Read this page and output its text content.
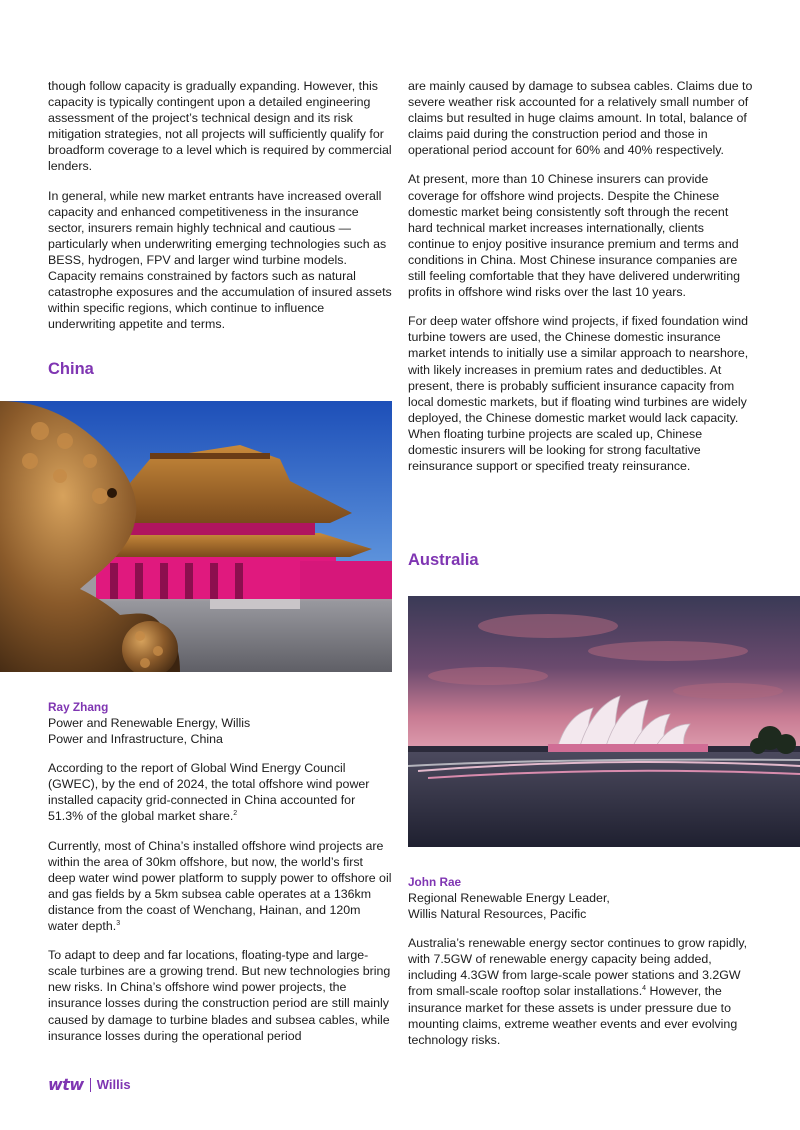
though follow capacity is gradually expanding. However, this capacity is typically contingent upon a detailed engineering assessment of the project’s technical design and its risk mitigation strategies, not all projects will sufficiently qualify for broadform coverage to a level which is required by commercial lenders.

In general, while new market entrants have increased overall capacity and enhanced competitiveness in the insurance sector, insurers remain highly technical and cautious — particularly when underwriting emerging technologies such as BESS, hydrogen, FPV and larger wind turbine models. Capacity remains constrained by factors such as natural catastrophe exposures and the accumulation of insured assets within specific regions, which continue to influence underwriting appetite and terms.

China
Ray Zhang
Power and Renewable Energy, Willis
Power and Infrastructure, China

According to the report of Global Wind Energy Council (GWEC), by the end of 2024, the total offshore wind power installed capacity grid-connected in China accounted for 51.3% of the global market share.$^2$

Currently, most of China’s installed offshore wind projects are within the area of 30km offshore, but now, the world’s first deep water wind power platform to supply power to offshore oil and gas fields by a 5km subsea cable operates at a 136km distance from the coast of Wenchang, Hainan, and 120m water depth.$^3$

To adapt to deep and far locations, floating-type and large-scale turbines are a growing trend. But new technologies bring new risks. In China’s offshore wind power projects, the insurance losses during the construction period are still mainly caused by damage to turbine blades and subsea cables, while insurance losses during the operational period

are mainly caused by damage to subsea cables. Claims due to severe weather risk accounted for a relatively small number of claims but resulted in huge claims amount. In total, balance of claims paid during the construction period and those in operational period account for 60% and 40% respectively.

At present, more than 10 Chinese insurers can provide coverage for offshore wind projects. Despite the Chinese domestic market being consistently soft through the recent hard technical market increases internationally, clients continue to enjoy positive insurance premium and terms and conditions in China. Most Chinese insurance companies are still feeling comfortable that they have delivered underwriting profits in offshore wind risks over the last 10 years.

For deep water offshore wind projects, if fixed foundation wind turbine towers are used, the Chinese domestic insurance market intends to initially use a similar approach to nearshore, with likely increases in premium rates and deductibles. At present, there is probably sufficient insurance capacity from local domestic markets, but if floating wind turbines are widely deployed, the Chinese domestic market would lack capacity. When floating turbine projects are scaled up, Chinese domestic insurers will be looking for strong facultative reinsurance support or specified treaty reinsurance.

Australia
John Rae
Regional Renewable Energy Leader,
Willis Natural Resources, Pacific

Australia’s renewable energy sector continues to grow rapidly, with 7.5GW of renewable energy capacity being added, including 4.3GW from large-scale power stations and 3.2GW from small-scale rooftop solar installations.$^4$ However, the insurance market for these assets is under pressure due to mounting claims, extreme weather events and ever evolving technology risks.

wtw Willis
